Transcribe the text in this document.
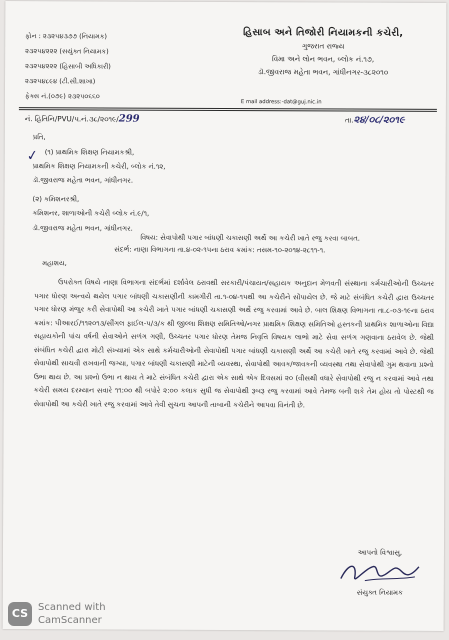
ફોન : ૨૩૨૫૪૩૭૭ (નિયામક)
૨૩૨૫૪૨૨૨ (સયુંક્ત નિયામક)
૨૩૨૫૪૨૨૨ (હિસાબી અધિકારી)
૨૩૨૫૪૮૯૪ (ટી.સી.શાખા)
ફેક્સ નં.(૦૭૯) ૨૩૨૫૦૬૬૦
હિસાબ અને તિજોરી નિયામકની કચેરી,
ગુજરાત રાજ્ય
વિમા અને લોન ભવન, બ્લોક નં.૧૭,
ડૉ.જીવરાજ મહેતા ભવન, ગાંધીનગર-૩૮૨૦૧૦
E mail address:-dat@guj.nic.in
નં. હિતિનિ/PVU/પ.નં.૩૮/૨૦૧૯/299	તા.૨૪/૦૮/૨૦૧૯
પ્રતિ,
✓ (૧) પ્રાથમિક શિક્ષણ નિયામકશ્રી,
પ્રાથમિક શિક્ષણ નિયામકની કચેરી, બ્લોક નં.૧૨,
ડૉ.જીવરાજ મહેતા ભવન, ગાંધીનગર.
(૨) કમિશનરશ્રી,
કમિશનર, શાળાઓની કચેરી બ્લોક નં.૯/૧,
ડૉ.જીવરાજ મહેતા ભવન, ગાંધીનગર.
વિષય: સેવાપોથી પગાર બાંધણી ચકાસણી અર્થે આ કચેરી ખાતે રજુ કરવા બાબત.
સંદર્ભ: નાણા વિભાગના તા.૪-૦૨-૧૫ના ઠરાવ ક્રમાંક: તસમ-૧૦-૨૦૧૪-૨૮૧૧-૧.
મહાશય,
ઉપરોક્ત વિષયે નાણા વિભાગના સંદર્ભમાં દર્શાવેલ ઠરાવથી સરકારી/પંચાયત/સહાયક અનુદાન મેળવતી સંસ્થાના કર્મચારીઓની ઉચ્ચતર પગાર ધોરણ અન્વયે થયેલ પગાર બાંધણી ચકાસણીની કામગીરી તા.૧-૦૪-૧૫થી આ કચેરીને સોંપાયેલ છે. જે માટે સંબંધિત કચેરી દ્વારા ઉચ્ચતર પગાર ધોરણ મંજુર કરી સેવાપોથી આ કચેરી ખાતે પગાર બાંધણી ચકાસણી અર્થે રજુ કરવામાં આવે છે. બાલ શિક્ષણ વિભાગના તા.૮-૦૩-૧૯ના ઠરાવ ક્રમાંક: પીઆરઈ/૧૧૨૦૧૩/સીંગલ ફાઈલ-૫/૩/ક થી જીલ્લા શિક્ષણ સમિતિઓ/નગર પ્રાથમિક શિક્ષણ સમિતિઓ હસ્તકની પ્રાથમિક શાળાઓના વિદ્યા સહાયકોની પાંચ વર્ષની સેવાઓને સળંગ ગણી, ઉચ્ચતર પગાર ધોરણ તેમજ નિવૃત્તિ વિષયક લાભો માટે સેવા સળંગ ગણવાના ઠરાવેલ છે. જેથી સંબંધિત કચેરી દ્વારા મોટી સંખ્યામાં એક સાથે કર્મચારીઓની સેવાપોથી પગાર બાંધણી ચકાસણી અર્થે આ કચેરી ખાતે રજુ કરવામાં આવે છે. જેથી સેવાપોથી સાચવી રાખવાની જગ્યા, પગાર બાંધણી ચકાસણી માટેની વ્યવસ્થા, સેવાપોથી આવક/જાવકની વ્યવસ્થા તથા સેવાપોથી ગુમ થવાના પ્રશ્નો ઉભા થાય છે. આ પ્રશ્નો ઉભા ન થાય તે માટે સંબંધિત કચેરી દ્વારા એક સાથે એક દિવસમાં ૨૦ (વીસથી વધારે સેવાપોથી રજુ ન કરવામાં આવે તથા કચેરી સમય દરમ્યાન સવારે ૧૧:૦૦ થી બપોરે ૨:૦૦ કલાક સુધી જ સેવાપોથી રૂબરૂ રજુ કરવામાં આવે તેમજ બની શકે તેમ હોય તો પોસ્ટથી જ સેવાપોથી આ કચેરી ખાતે રજુ કરવામાં આવે તેવી સુચના આપની તાબાની કચેરીને આપવા વિનંતી છે.
આપનો વિશ્વાસુ,
સંયુક્ત નિયામક
CS Scanned with
CamScanner
